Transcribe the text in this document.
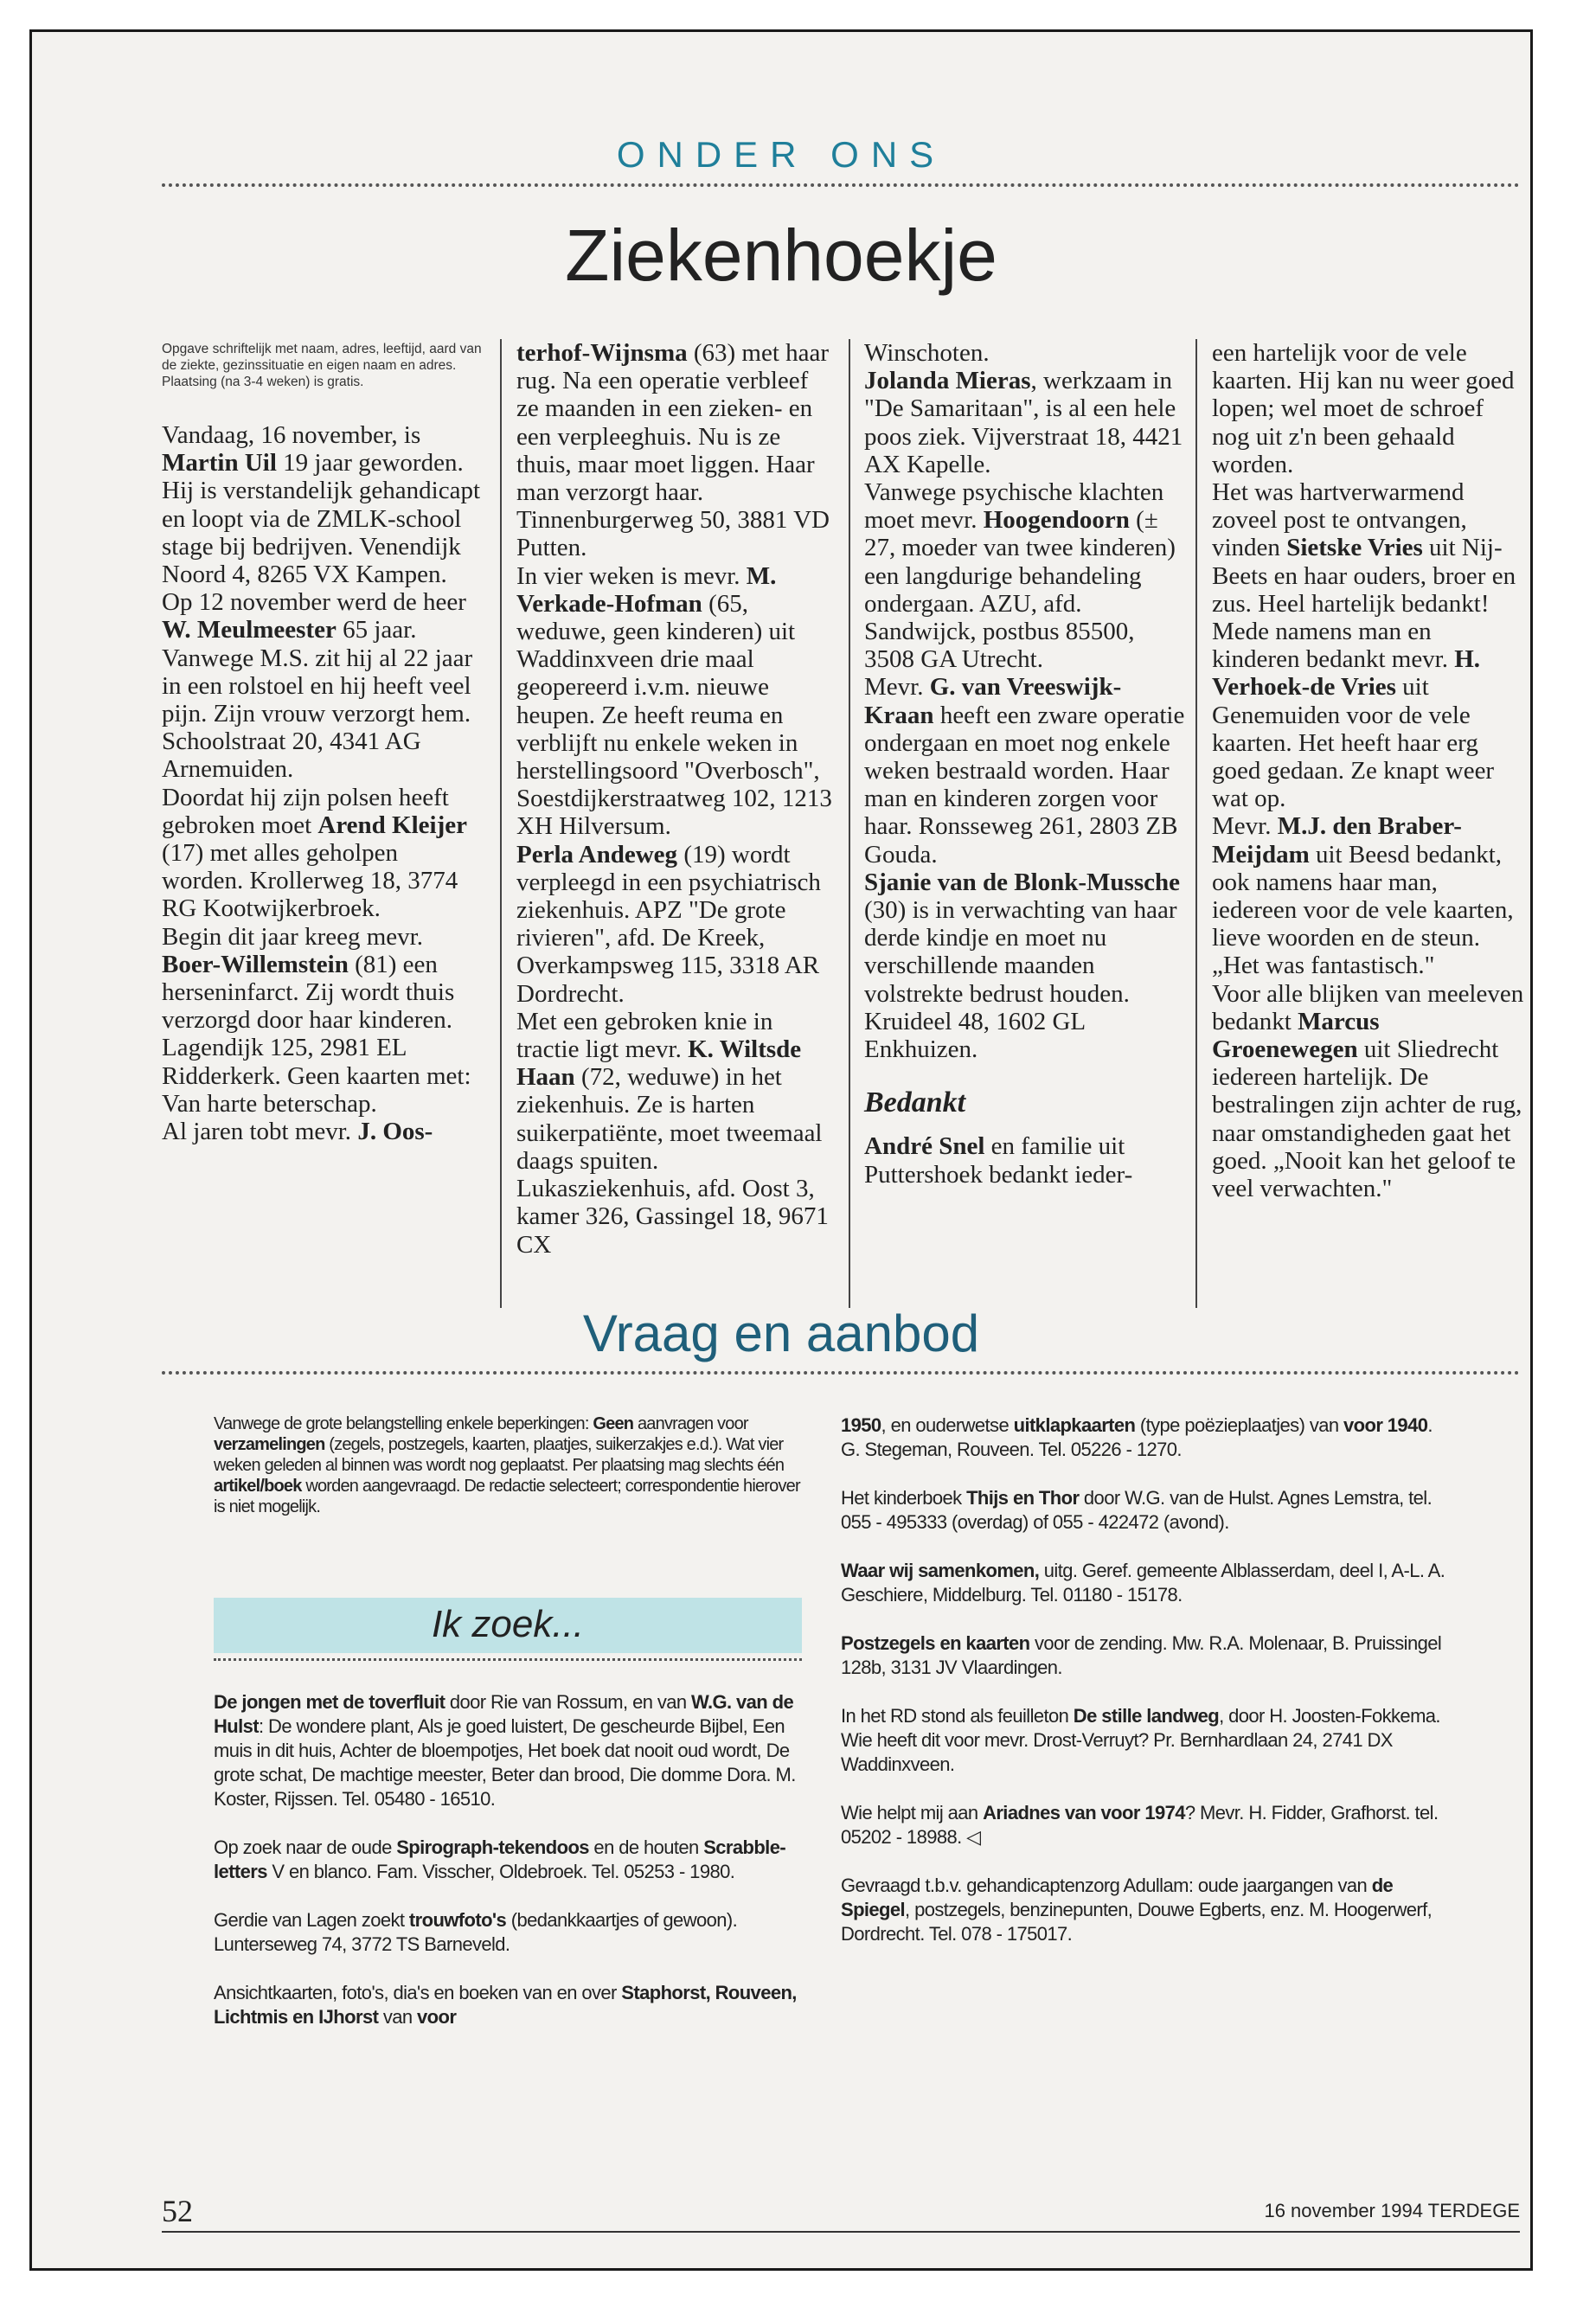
ONDER ONS
Ziekenhoekje
Opgave schriftelijk met naam, adres, leeftijd, aard van de ziekte, gezinssituatie en eigen naam en adres. Plaatsing (na 3-4 weken) is gratis.

Vandaag, 16 november, is Martin Uil 19 jaar geworden. Hij is verstandelijk gehandicapt en loopt via de ZMLK-school stage bij bedrijven. Venendijk Noord 4, 8265 VX Kampen.

Op 12 november werd de heer W. Meulmeester 65 jaar. Vanwege M.S. zit hij al 22 jaar in een rolstoel en hij heeft veel pijn. Zijn vrouw verzorgt hem. Schoolstraat 20, 4341 AG Arnemuiden.

Doordat hij zijn polsen heeft gebroken moet Arend Kleijer (17) met alles geholpen worden. Krollerweg 18, 3774 RG Kootwijkerbroek.

Begin dit jaar kreeg mevr. Boer-Willemstein (81) een herseninfarct. Zij wordt thuis verzorgd door haar kinderen. Lagendijk 125, 2981 EL Ridderkerk. Geen kaarten met: Van harte beterschap.

Al jaren tobt mevr. J. Oos-

terhof-Wijnsma (63) met haar rug. Na een operatie verbleef ze maanden in een zieken- en een verpleeghuis. Nu is ze thuis, maar moet liggen. Haar man verzorgt haar. Tinnenburgerweg 50, 3881 VD Putten.

In vier weken is mevr. M. Verkade-Hofman (65, weduwe, geen kinderen) uit Waddinxveen drie maal geopereerd i.v.m. nieuwe heupen. Ze heeft reuma en verblijft nu enkele weken in herstellingsoord "Overbosch", Soestdijkerstraatweg 102, 1213 XH Hilversum.

Perla Andeweg (19) wordt verpleegd in een psychiatrisch ziekenhuis. APZ "De grote rivieren", afd. De Kreek, Overkampsweg 115, 3318 AR Dordrecht.

Met een gebroken knie in tractie ligt mevr. K. Wiltsde Haan (72, weduwe) in het ziekenhuis. Ze is harten suikerpatiënte, moet tweemaal daags spuiten. Lukasziekenhuis, afd. Oost 3, kamer 326, Gassingel 18, 9671 CX

Winschoten.

Jolanda Mieras, werkzaam in "De Samaritaan", is al een hele poos ziek. Vijverstraat 18, 4421 AX Kapelle.

Vanwege psychische klachten moet mevr. Hoogendoorn (± 27, moeder van twee kinderen) een langdurige behandeling ondergaan. AZU, afd. Sandwijck, postbus 85500, 3508 GA Utrecht.

Mevr. G. van Vreeswijk-Kraan heeft een zware operatie ondergaan en moet nog enkele weken bestraald worden. Haar man en kinderen zorgen voor haar. Ronsseweg 261, 2803 ZB Gouda.

Sjanie van de Blonk-Mussche (30) is in verwachting van haar derde kindje en moet nu verschillende maanden volstrekte bedrust houden. Kruideel 48, 1602 GL Enkhuizen.

Bedankt

André Snel en familie uit Puttershoek bedankt ieder-

een hartelijk voor de vele kaarten. Hij kan nu weer goed lopen; wel moet de schroef nog uit z'n been gehaald worden.

Het was hartverwarmend zoveel post te ontvangen, vinden Sietske Vries uit Nij-Beets en haar ouders, broer en zus. Heel hartelijk bedankt!

Mede namens man en kinderen bedankt mevr. H. Verhoek-de Vries uit Genemuiden voor de vele kaarten. Het heeft haar erg goed gedaan. Ze knapt weer wat op.

Mevr. M.J. den Braber-Meijdam uit Beesd bedankt, ook namens haar man, iedereen voor de vele kaarten, lieve woorden en de steun. „Het was fantastisch."

Voor alle blijken van meeleven bedankt Marcus Groenewegen uit Sliedrecht iedereen hartelijk. De bestralingen zijn achter de rug, naar omstandigheden gaat het goed. „Nooit kan het geloof te veel verwachten."

Vraag en aanbod
Vanwege de grote belangstelling enkele beperkingen: Geen aanvragen voor verzamelingen (zegels, postzegels, kaarten, plaatjes, suikerzakjes e.d.). Wat vier weken geleden al binnen was wordt nog geplaatst. Per plaatsing mag slechts één artikel/boek worden aangevraagd. De redactie selecteert; correspondentie hierover is niet mogelijk.
Ik zoek...

De jongen met de toverfluit door Rie van Rossum, en van W.G. van de Hulst: De wondere plant, Als je goed luistert, De gescheurde Bijbel, Een muis in dit huis, Achter de bloempotjes, Het boek dat nooit oud wordt, De grote schat, De machtige meester, Beter dan brood, Die domme Dora. M. Koster, Rijssen. Tel. 05480 - 16510.

Op zoek naar de oude Spirograph-tekendoos en de houten Scrabble-letters V en blanco. Fam. Visscher, Oldebroek. Tel. 05253 - 1980.

Gerdie van Lagen zoekt trouwfoto's (bedankkaartjes of gewoon). Lunterseweg 74, 3772 TS Barneveld.

Ansichtkaarten, foto's, dia's en boeken van en over Staphorst, Rouveen, Lichtmis en IJhorst van voor

1950, en ouderwetse uitklapkaarten (type poëzieplaatjes) van voor 1940. G. Stegeman, Rouveen. Tel. 05226 - 1270.

Het kinderboek Thijs en Thor door W.G. van de Hulst. Agnes Lemstra, tel. 055 - 495333 (overdag) of 055 - 422472 (avond).

Waar wij samenkomen, uitg. Geref. gemeente Alblasserdam, deel I, A-L. A. Geschiere, Middelburg. Tel. 01180 - 15178.

Postzegels en kaarten voor de zending. Mw. R.A. Molenaar, B. Pruissingel 128b, 3131 JV Vlaardingen.

In het RD stond als feuilleton De stille landweg, door H. Joosten-Fokkema. Wie heeft dit voor mevr. Drost-Verruyt? Pr. Bernhardlaan 24, 2741 DX Waddinxveen.

Wie helpt mij aan Ariadnes van voor 1974? Mevr. H. Fidder, Grafhorst. tel. 05202 - 18988. ◁

Gevraagd t.b.v. gehandicaptenzorg Adullam: oude jaargangen van de Spiegel, postzegels, benzinepunten, Douwe Egberts, enz. M. Hoogerwerf, Dordrecht. Tel. 078 - 175017.

52	16 november 1994 TERDEGE
